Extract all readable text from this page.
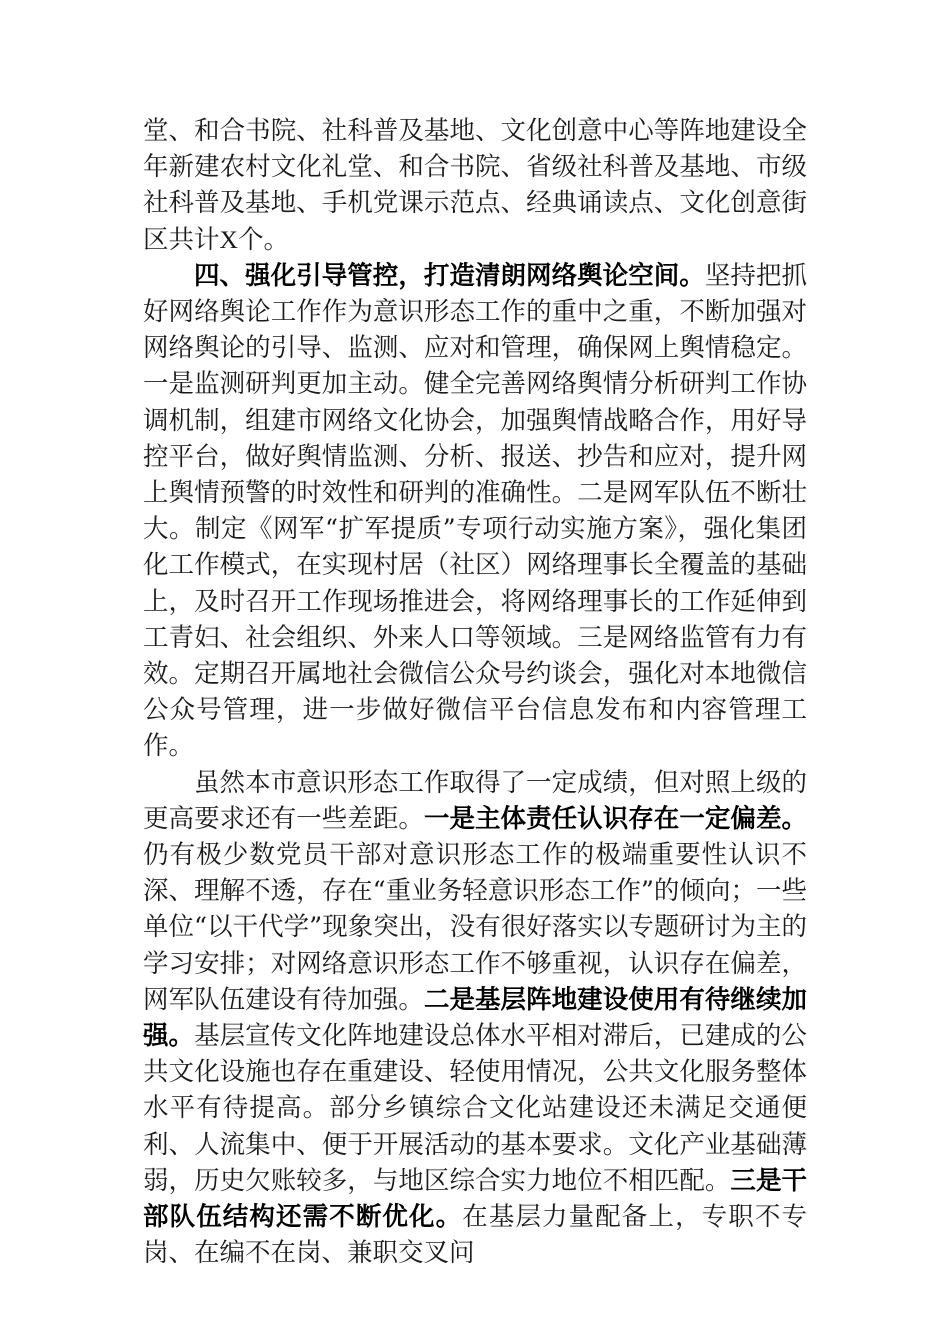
堂、和合书院、社科普及基地、文化创意中心等阵地建设全年新建农村文化礼堂、和合书院、省级社科普及基地、市级社科普及基地、手机党课示范点、经典诵读点、文化创意街区共计X个。

四、强化引导管控，打造清朗网络舆论空间。坚持把抓好网络舆论工作作为意识形态工作的重中之重，不断加强对网络舆论的引导、监测、应对和管理，确保网上舆情稳定。一是监测研判更加主动。健全完善网络舆情分析研判工作协调机制，组建市网络文化协会，加强舆情战略合作，用好导控平台，做好舆情监测、分析、报送、抄告和应对，提升网上舆情预警的时效性和研判的准确性。二是网军队伍不断壮大。制定《网军“扩军提质”专项行动实施方案》，强化集团化工作模式，在实现村居（社区）网络理事长全覆盖的基础上，及时召开工作现场推进会，将网络理事长的工作延伸到工青妇、社会组织、外来人口等领域。三是网络监管有力有效。定期召开属地社会微信公众号约谈会，强化对本地微信公众号管理，进一步做好微信平台信息发布和内容管理工作。

虽然本市意识形态工作取得了一定成绩，但对照上级的更高要求还有一些差距。一是主体责任认识存在一定偏差。仍有极少数党员干部对意识形态工作的极端重要性认识不深、理解不透，存在“重业务轻意识形态工作”的倾向；一些单位“以干代学”现象突出，没有很好落实以专题研讨为主的学习安排；对网络意识形态工作不够重视，认识存在偏差，网军队伍建设有待加强。二是基层阵地建设使用有待继续加强。基层宣传文化阵地建设总体水平相对滞后，已建成的公共文化设施也存在重建设、轻使用情况，公共文化服务整体水平有待提高。部分乡镇综合文化站建设还未满足交通便利、人流集中、便于开展活动的基本要求。文化产业基础薄弱，历史欠账较多，与地区综合实力地位不相匹配。三是干部队伍结构还需不断优化。在基层力量配备上，专职不专岗、在编不在岗、兼职交叉问
